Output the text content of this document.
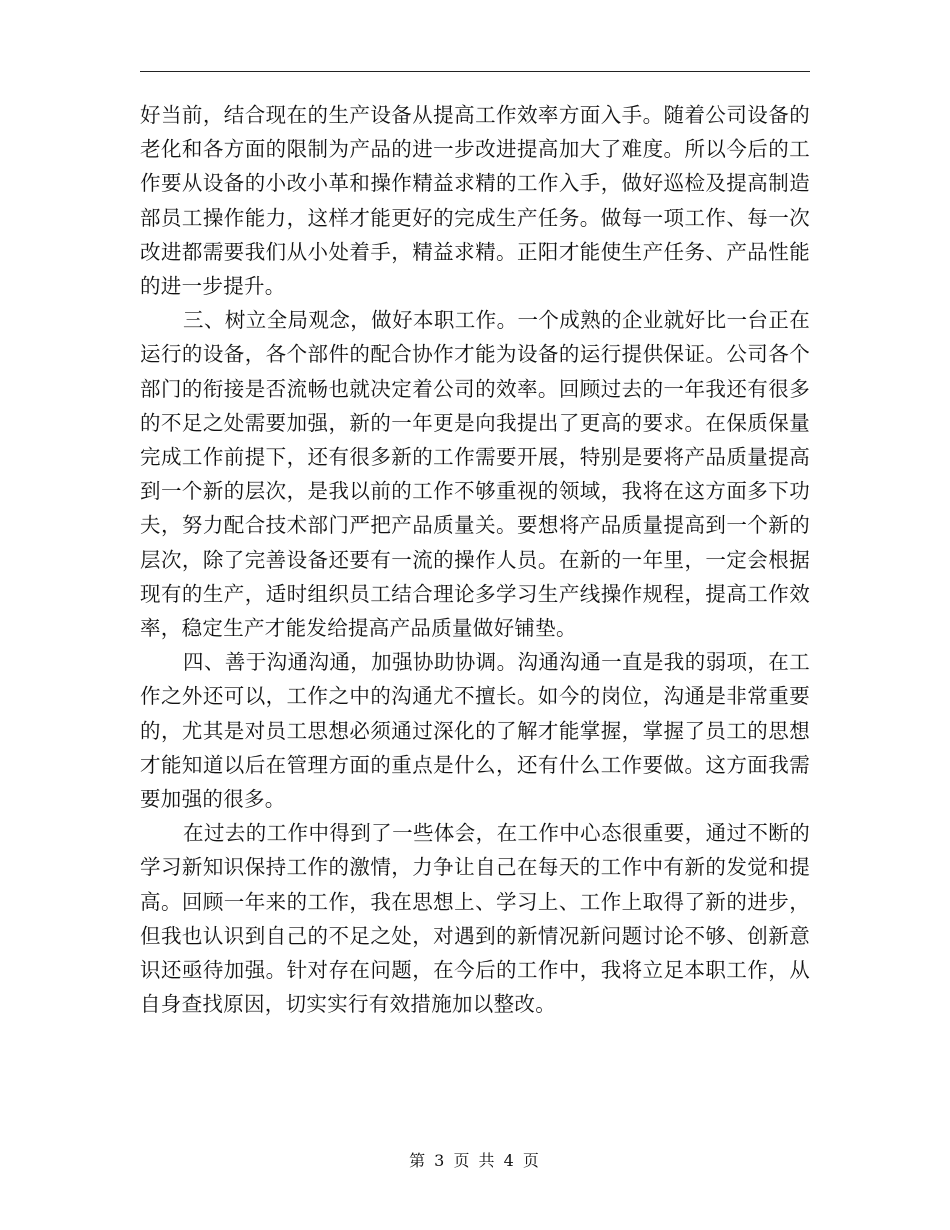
好当前，结合现在的生产设备从提高工作效率方面入手。随着公司设备的老化和各方面的限制为产品的进一步改进提高加大了难度。所以今后的工作要从设备的小改小革和操作精益求精的工作入手，做好巡检及提高制造部员工操作能力，这样才能更好的完成生产任务。做每一项工作、每一次改进都需要我们从小处着手，精益求精。正阳才能使生产任务、产品性能的进一步提升。

三、树立全局观念，做好本职工作。一个成熟的企业就好比一台正在运行的设备，各个部件的配合协作才能为设备的运行提供保证。公司各个部门的衔接是否流畅也就决定着公司的效率。回顾过去的一年我还有很多的不足之处需要加强，新的一年更是向我提出了更高的要求。在保质保量完成工作前提下，还有很多新的工作需要开展，特别是要将产品质量提高到一个新的层次，是我以前的工作不够重视的领域，我将在这方面多下功夫，努力配合技术部门严把产品质量关。要想将产品质量提高到一个新的层次，除了完善设备还要有一流的操作人员。在新的一年里，一定会根据现有的生产，适时组织员工结合理论多学习生产线操作规程，提高工作效率，稳定生产才能发给提高产品质量做好铺垫。

四、善于沟通沟通，加强协助协调。沟通沟通一直是我的弱项，在工作之外还可以，工作之中的沟通尤不擅长。如今的岗位，沟通是非常重要的，尤其是对员工思想必须通过深化的了解才能掌握，掌握了员工的思想才能知道以后在管理方面的重点是什么，还有什么工作要做。这方面我需要加强的很多。

在过去的工作中得到了一些体会，在工作中心态很重要，通过不断的学习新知识保持工作的激情，力争让自己在每天的工作中有新的发觉和提高。回顾一年来的工作，我在思想上、学习上、工作上取得了新的进步，但我也认识到自己的不足之处，对遇到的新情况新问题讨论不够、创新意识还亟待加强。针对存在问题，在今后的工作中，我将立足本职工作，从自身查找原因，切实实行有效措施加以整改。

第 3 页 共 4 页
